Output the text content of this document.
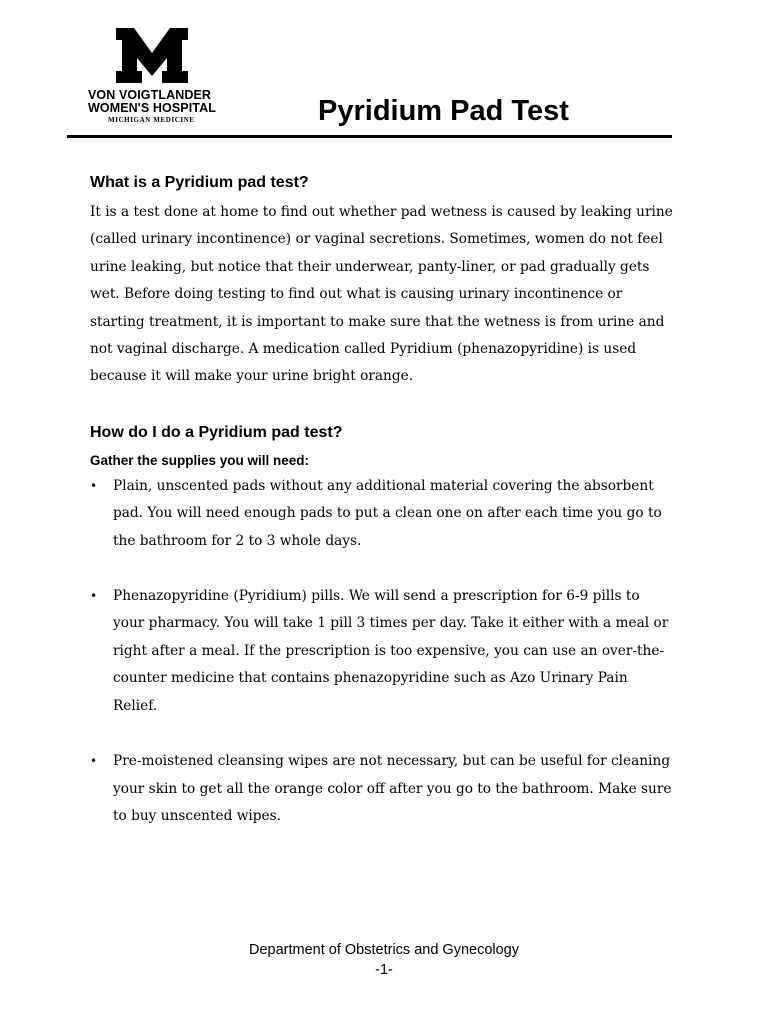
VON VOIGTLANDER
WOMEN'S HOSPITAL
MICHIGAN MEDICINE	Pyridium Pad Test
What is a Pyridium pad test?

It is a test done at home to find out whether pad wetness is caused by leaking urine (called urinary incontinence) or vaginal secretions. Sometimes, women do not feel urine leaking, but notice that their underwear, panty-liner, or pad gradually gets wet. Before doing testing to find out what is causing urinary incontinence or starting treatment, it is important to make sure that the wetness is from urine and not vaginal discharge. A medication called Pyridium (phenazopyridine) is used because it will make your urine bright orange.

How do I do a Pyridium pad test?
Gather the supplies you will need:
• Plain, unscented pads without any additional material covering the absorbent pad. You will need enough pads to put a clean one on after each time you go to the bathroom for 2 to 3 whole days.
• Phenazopyridine (Pyridium) pills. We will send a prescription for 6-9 pills to your pharmacy. You will take 1 pill 3 times per day. Take it either with a meal or right after a meal. If the prescription is too expensive, you can use an over-the-counter medicine that contains phenazopyridine such as Azo Urinary Pain Relief.
• Pre-moistened cleansing wipes are not necessary, but can be useful for cleaning your skin to get all the orange color off after you go to the bathroom. Make sure to buy unscented wipes.
Department of Obstetrics and Gynecology
-1-
